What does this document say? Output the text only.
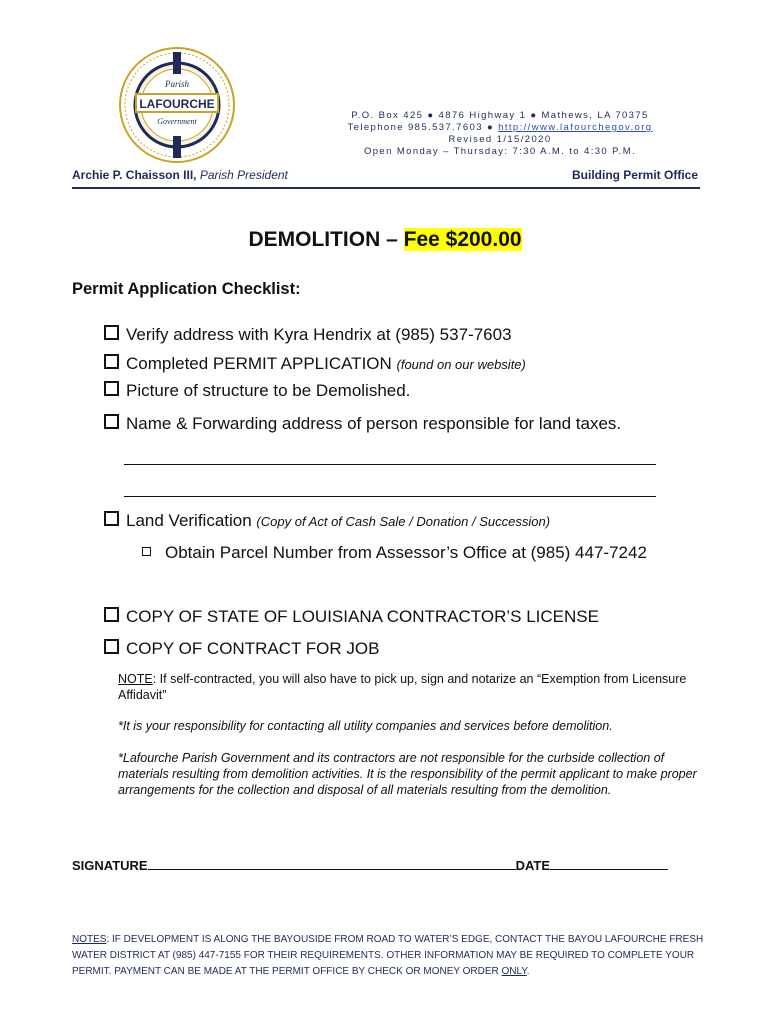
Parish
LAFOURCHE
Government
P.O. Box 425 ● 4876 Highway 1 ● Mathews, LA 70375
Telephone 985.537.7603 ● http://www.lafourchegov.org
Revised 1/15/2020
Open Monday – Thursday: 7:30 A.M. to 4:30 P.M.
Archie P. Chaisson III, Parish President	Building Permit Office
DEMOLITION – Fee $200.00
Permit Application Checklist:
Verify address with Kyra Hendrix at (985) 537-7603
Completed PERMIT APPLICATION (found on our website)
Picture of structure to be Demolished.
Name & Forwarding address of person responsible for land taxes.
Land Verification (Copy of Act of Cash Sale / Donation / Succession)
Obtain Parcel Number from Assessor’s Office at (985) 447-7242
COPY OF STATE OF LOUISIANA CONTRACTOR’S LICENSE
COPY OF CONTRACT FOR JOB
NOTE: If self-contracted, you will also have to pick up, sign and notarize an “Exemption from Licensure Affidavit”
*It is your responsibility for contacting all utility companies and services before demolition.
*Lafourche Parish Government and its contractors are not responsible for the curbside collection of materials resulting from demolition activities. It is the responsibility of the permit applicant to make proper arrangements for the collection and disposal of all materials resulting from the demolition.
SIGNATURE	DATE
NOTES: IF DEVELOPMENT IS ALONG THE BAYOUSIDE FROM ROAD TO WATER’S EDGE, CONTACT THE BAYOU LAFOURCHE FRESH WATER DISTRICT AT (985) 447-7155 FOR THEIR REQUIREMENTS. OTHER INFORMATION MAY BE REQUIRED TO COMPLETE YOUR PERMIT. PAYMENT CAN BE MADE AT THE PERMIT OFFICE BY CHECK OR MONEY ORDER ONLY.
